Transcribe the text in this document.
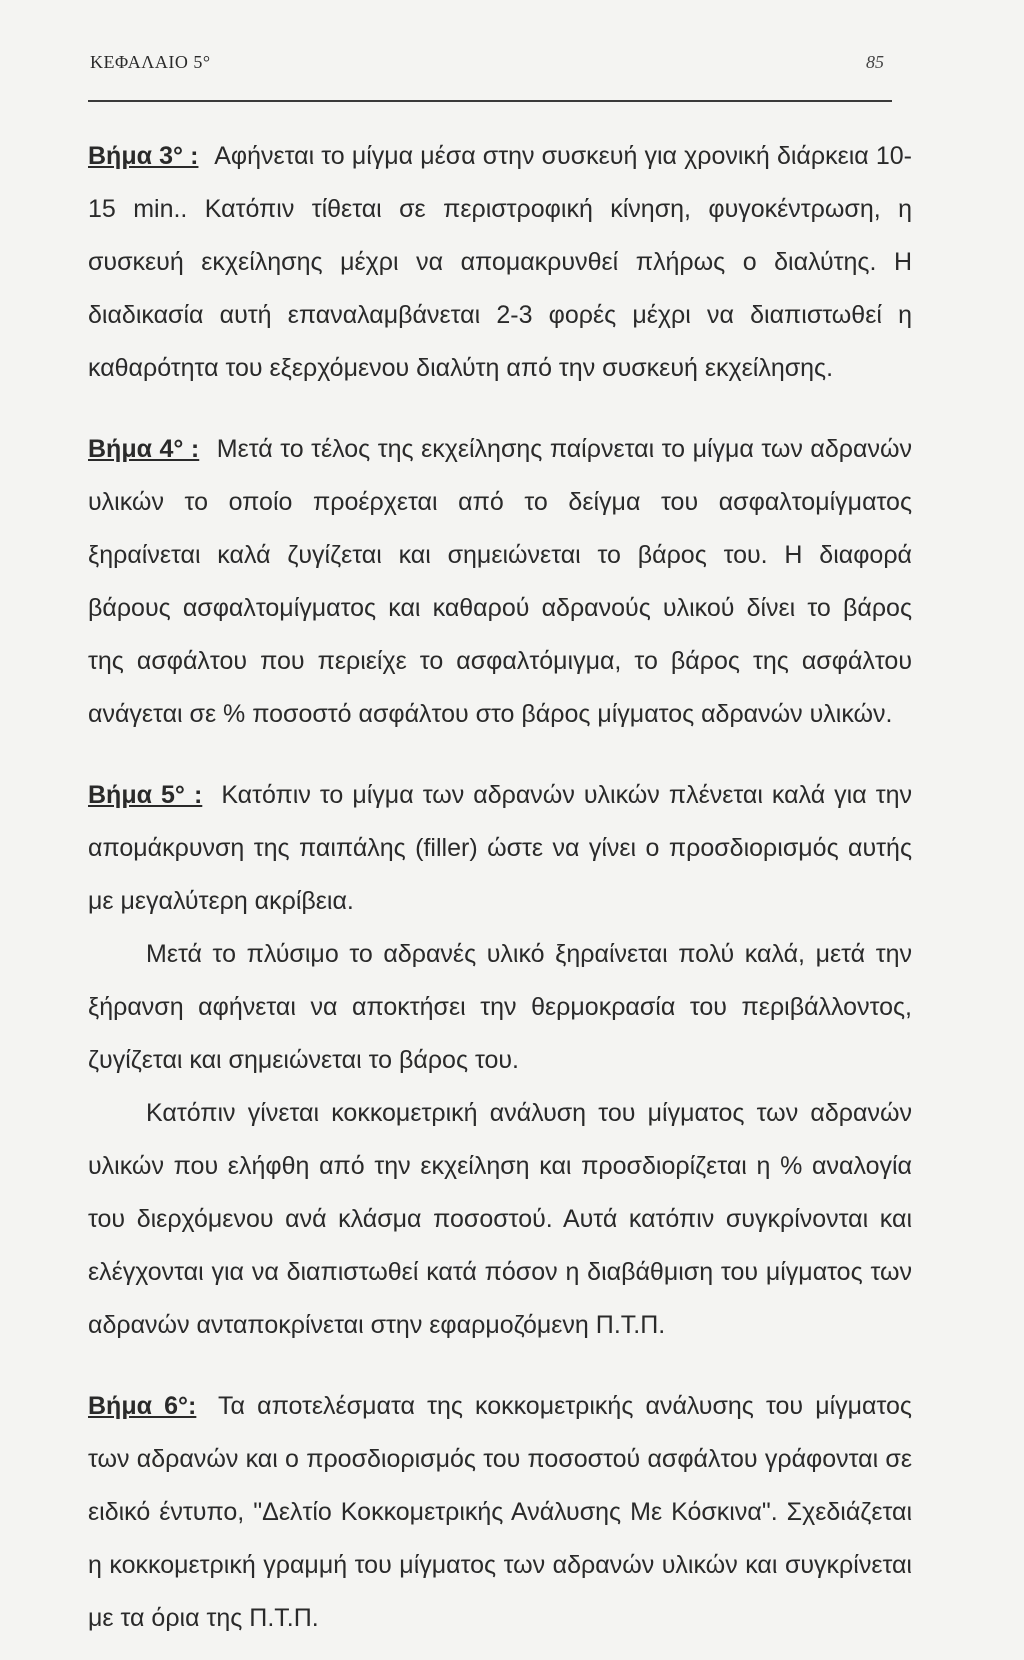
ΚΕΦΑΛΑΙΟ 5°	85

Βήμα 3° : Αφήνεται το μίγμα μέσα στην συσκευή για χρονική διάρκεια 10-15 min.. Κατόπιν τίθεται σε περιστροφική κίνηση, φυγοκέντρωση, η συσκευή εκχείλησης μέχρι να απομακρυνθεί πλήρως ο διαλύτης. Η διαδικασία αυτή επαναλαμβάνεται 2-3 φορές μέχρι να διαπιστωθεί η καθαρότητα του εξερχόμενου διαλύτη από την συσκευή εκχείλησης.

Βήμα 4° : Μετά το τέλος της εκχείλησης παίρνεται το μίγμα των αδρανών υλικών το οποίο προέρχεται από το δείγμα του ασφαλτομίγματος ξηραίνεται καλά ζυγίζεται και σημειώνεται το βάρος του. Η διαφορά βάρους ασφαλτομίγματος και καθαρού αδρανούς υλικού δίνει το βάρος της ασφάλτου που περιείχε το ασφαλτόμιγμα, το βάρος της ασφάλτου ανάγεται σε % ποσοστό ασφάλτου στο βάρος μίγματος αδρανών υλικών.

Βήμα 5° : Κατόπιν το μίγμα των αδρανών υλικών πλένεται καλά για την απομάκρυνση της παιπάλης (filler) ώστε να γίνει ο προσδιορισμός αυτής με μεγαλύτερη ακρίβεια.

Μετά το πλύσιμο το αδρανές υλικό ξηραίνεται πολύ καλά, μετά την ξήρανση αφήνεται να αποκτήσει την θερμοκρασία του περιβάλλοντος, ζυγίζεται και σημειώνεται το βάρος του.

Κατόπιν γίνεται κοκκομετρική ανάλυση του μίγματος των αδρανών υλικών που ελήφθη από την εκχείληση και προσδιορίζεται η % αναλογία του διερχόμενου ανά κλάσμα ποσοστού. Αυτά κατόπιν συγκρίνονται και ελέγχονται για να διαπιστωθεί κατά πόσον η διαβάθμιση του μίγματος των αδρανών ανταποκρίνεται στην εφαρμοζόμενη Π.Τ.Π.

Βήμα 6°: Τα αποτελέσματα της κοκκομετρικής ανάλυσης του μίγματος των αδρανών και ο προσδιορισμός του ποσοστού ασφάλτου γράφονται σε ειδικό έντυπο, "Δελτίο Κοκκομετρικής Ανάλυσης Με Κόσκινα". Σχεδιάζεται η κοκκομετρική γραμμή του μίγματος των αδρανών υλικών και συγκρίνεται με τα όρια της Π.Τ.Π.
